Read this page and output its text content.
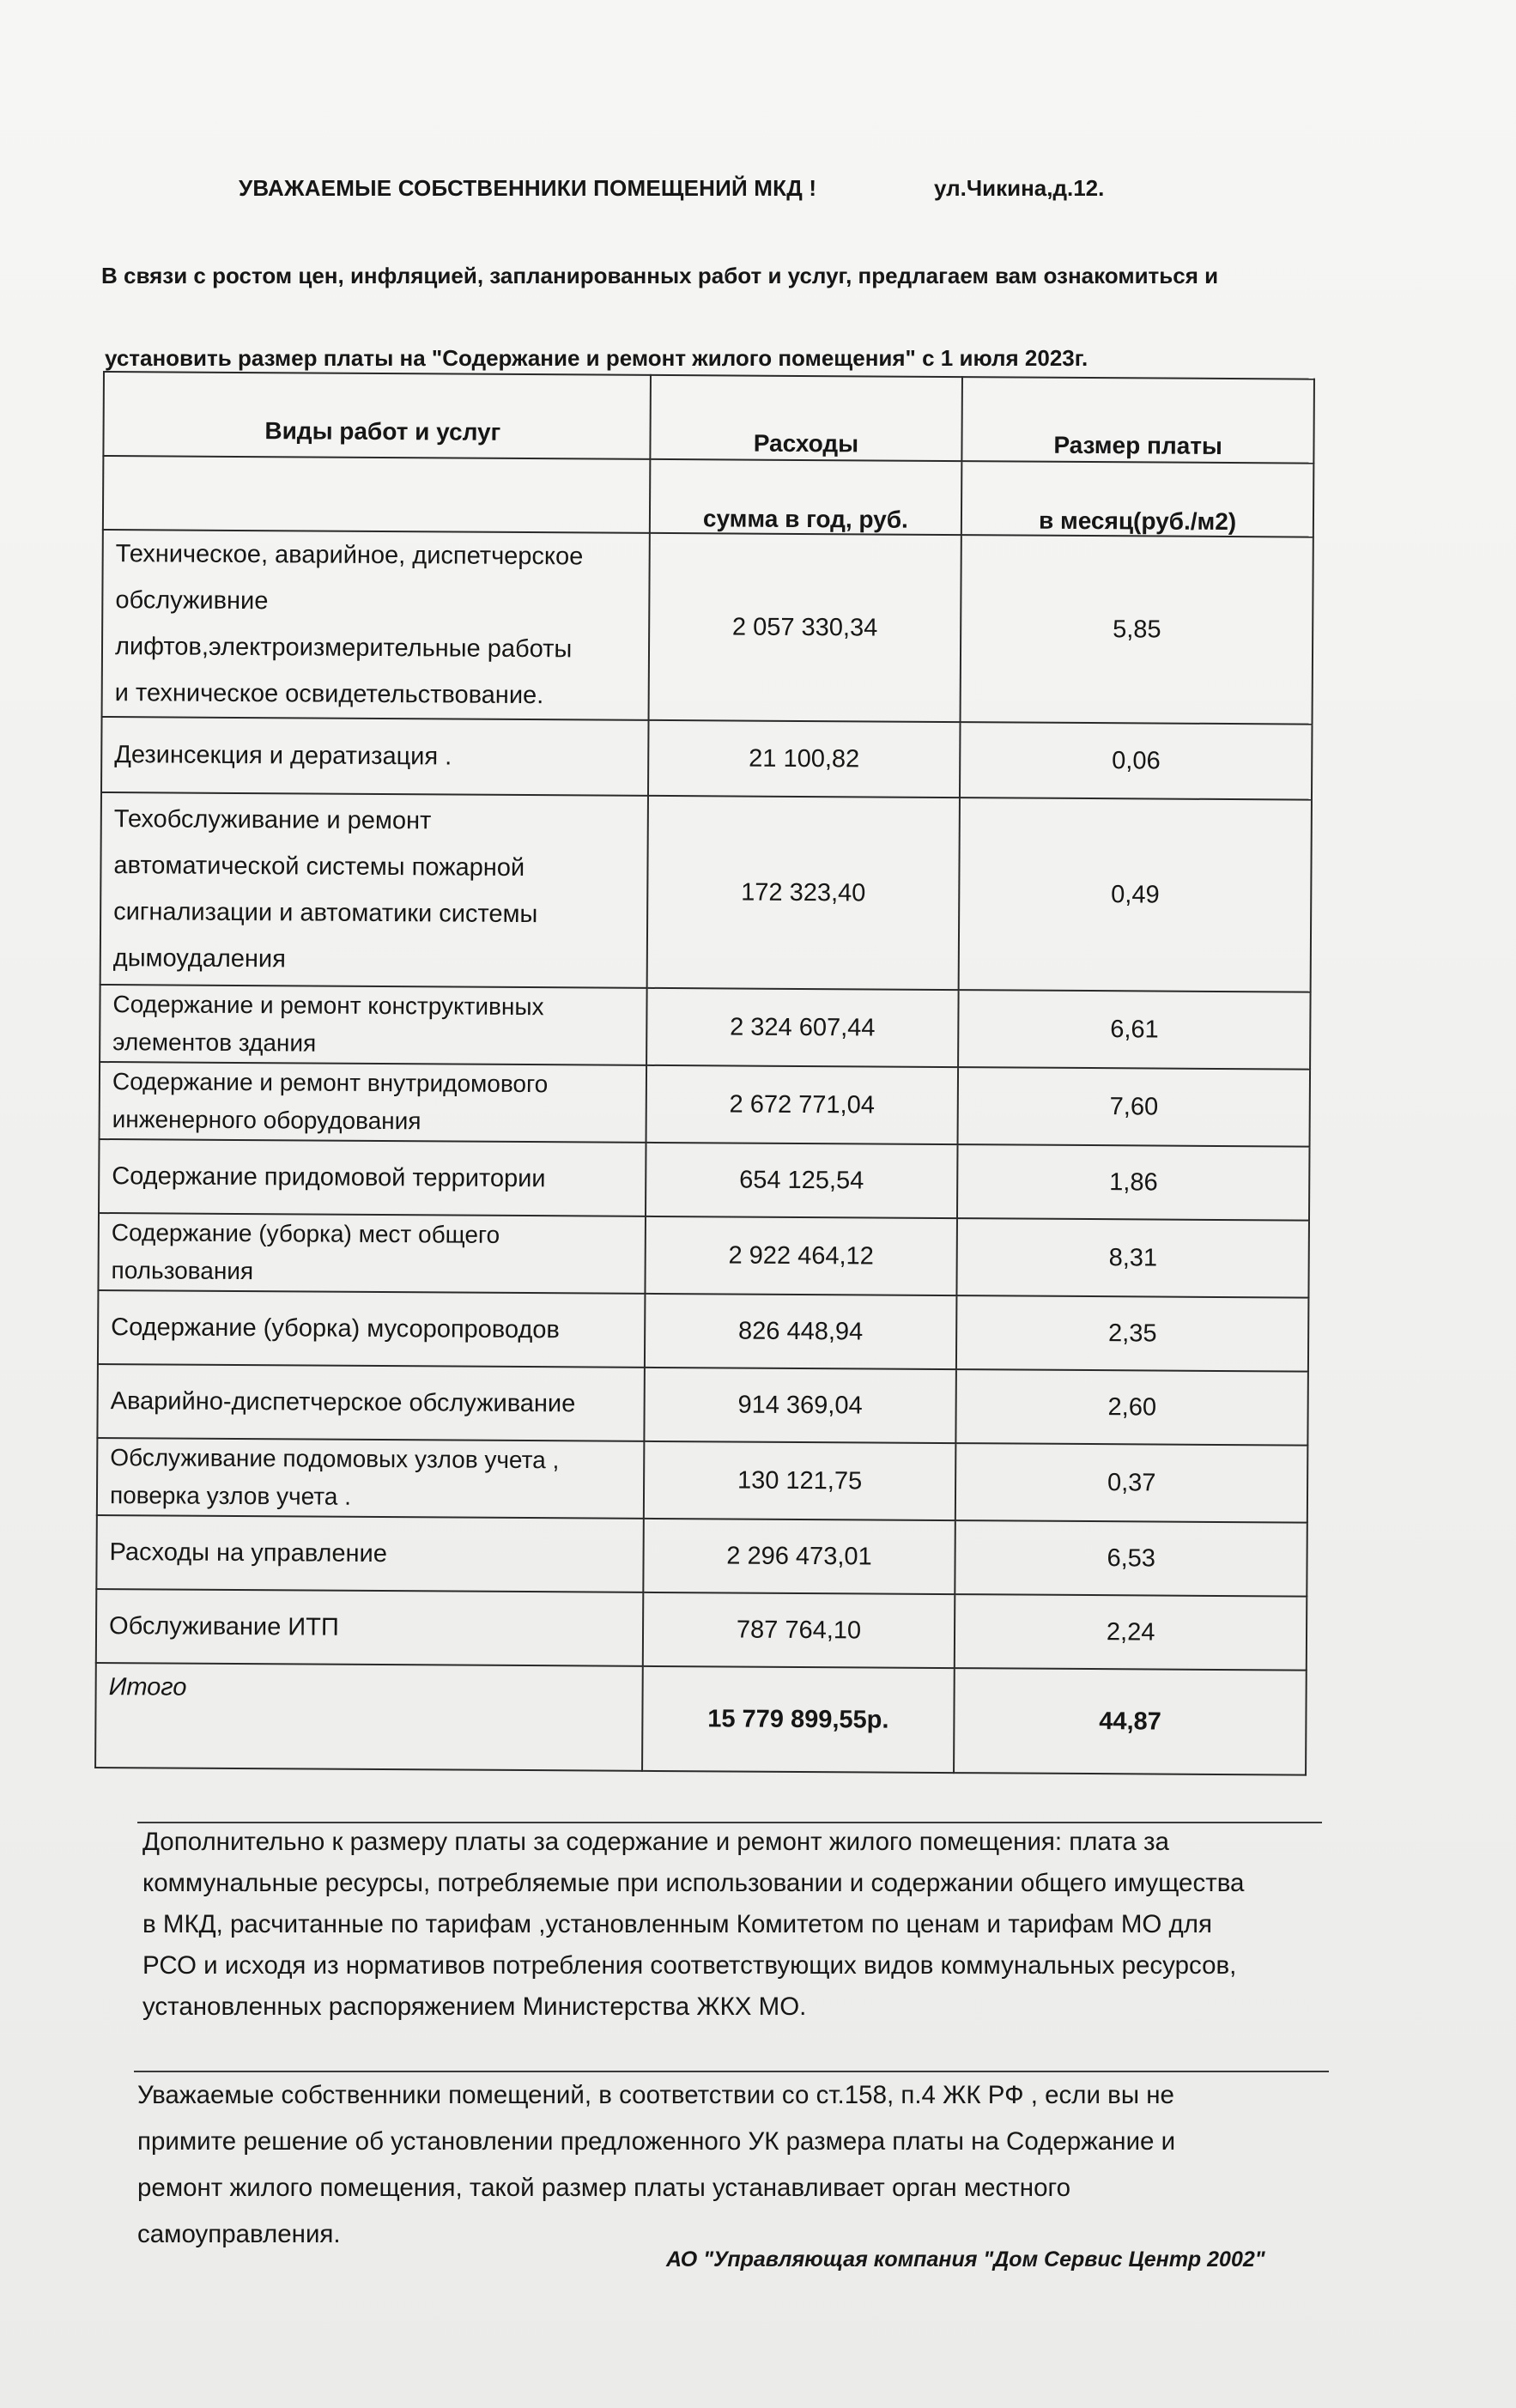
УВАЖАЕМЫЕ СОБСТВЕННИКИ ПОМЕЩЕНИЙ МКД !	ул.Чикина,д.12.
В связи с ростом цен, инфляцией, запланированных работ и услуг, предлагаем вам ознакомиться и
установить размер платы на "Содержание и ремонт жилого помещения" с 1 июля 2023г.
Виды работ и услуг	Расходы	Размер платы
	сумма в год, руб.	в месяц(руб./м2)
Техническое, аварийное, диспетчерское
обслуживние
лифтов,электроизмерительные работы
и техническое освидетельствование.	2 057 330,34	5,85
Дезинсекция и дератизация .	21 100,82	0,06
Техобслуживание и ремонт
автоматической системы пожарной
сигнализации и автоматики системы
дымоудаления	172 323,40	0,49
Содержание и ремонт конструктивных
элементов здания	2 324 607,44	6,61
Содержание и ремонт внутридомового
инженерного оборудования	2 672 771,04	7,60
Содержание придомовой территории	654 125,54	1,86
Содержание (уборка) мест общего
пользования	2 922 464,12	8,31
Содержание (уборка) мусоропроводов	826 448,94	2,35
Аварийно-диспетчерское обслуживание	914 369,04	2,60
Обслуживание подомовых узлов учета ,
поверка узлов учета .	130 121,75	0,37
Расходы на управление	2 296 473,01	6,53
Обслуживание ИТП	787 764,10	2,24
Итого	15 779 899,55р.	44,87
Дополнительно к размеру платы за содержание и ремонт жилого помещения: плата за
коммунальные ресурсы, потребляемые при использовании и содержании общего имущества
в МКД, расчитанные по тарифам ,установленным Комитетом по ценам и тарифам МО для
РСО и исходя из нормативов потребления соответствующих видов коммунальных ресурсов,
установленных распоряжением Министерства ЖКХ МО.
Уважаемые собственники помещений, в соответствии со ст.158, п.4 ЖК РФ , если вы не
примите решение об установлении предложенного УК размера платы на Содержание и
ремонт жилого помещения, такой размер платы устанавливает орган местного
самоуправления.
АО "Управляющая компания "Дом Сервис Центр 2002"
